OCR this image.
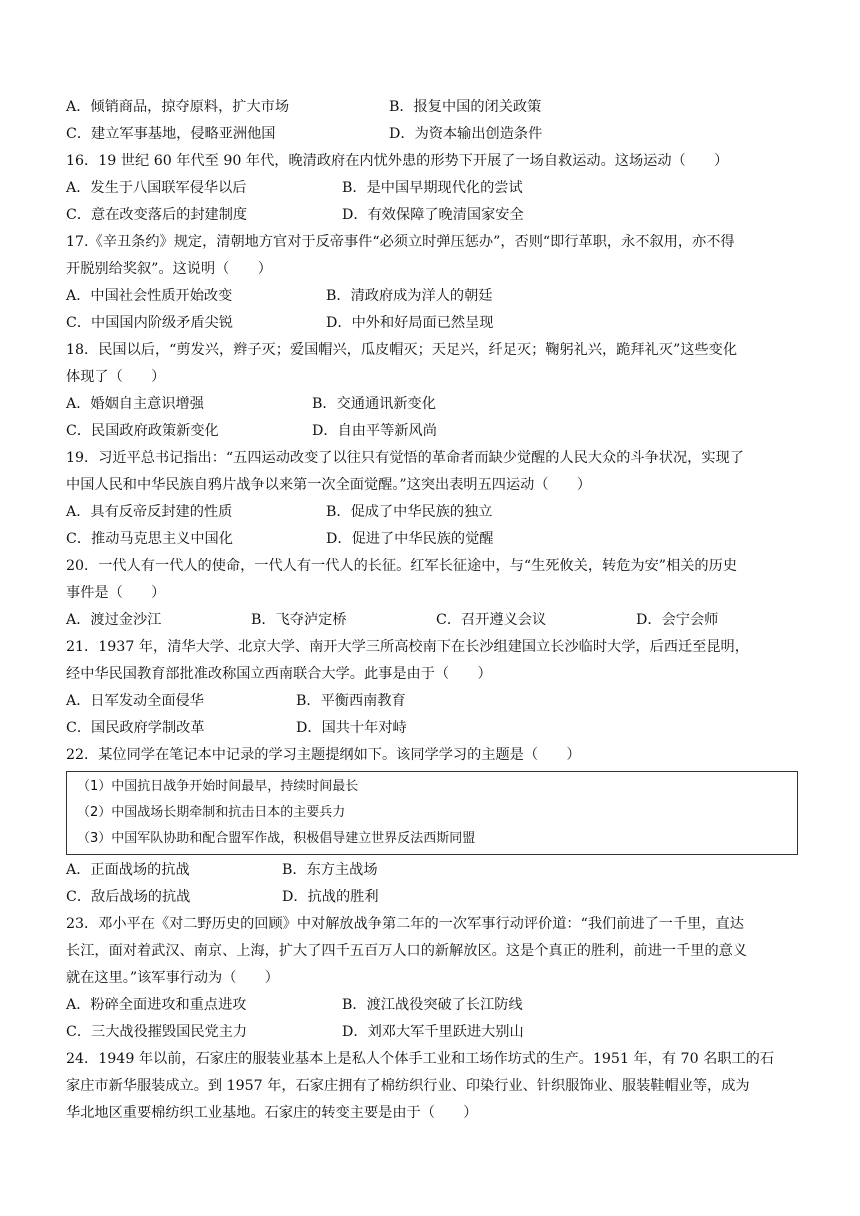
A．倾销商品，掠夺原料，扩大市场	B．报复中国的闭关政策
C．建立军事基地，侵略亚洲他国	D．为资本输出创造条件
16．19 世纪 60 年代至 90 年代，晚清政府在内忧外患的形势下开展了一场自救运动。这场运动（　　）
A．发生于八国联军侵华以后	B．是中国早期现代化的尝试
C．意在改变落后的封建制度	D．有效保障了晚清国家安全
17.《辛丑条约》规定，清朝地方官对于反帝事件“必须立时弹压惩办”，否则“即行革职，永不叙用，亦不得
开脱别给奖叙”。这说明（　　）
A．中国社会性质开始改变	B．清政府成为洋人的朝廷
C．中国国内阶级矛盾尖锐	D．中外和好局面已然呈现
18．民国以后，“剪发兴，辫子灭；爱国帽兴，瓜皮帽灭；天足兴，纤足灭；鞠躬礼兴，跪拜礼灭”这些变化
体现了（　　）
A．婚姻自主意识增强	B．交通通讯新变化
C．民国政府政策新变化	D．自由平等新风尚
19．习近平总书记指出：“五四运动改变了以往只有觉悟的革命者而缺少觉醒的人民大众的斗争状况，实现了
中国人民和中华民族自鸦片战争以来第一次全面觉醒。”这突出表明五四运动（　　）
A．具有反帝反封建的性质	B．促成了中华民族的独立
C．推动马克思主义中国化	D．促进了中华民族的觉醒
20．一代人有一代人的使命，一代人有一代人的长征。红军长征途中，与“生死攸关，转危为安”相关的历史
事件是（　　）
A．渡过金沙江	B．飞夺泸定桥	C．召开遵义会议	D．会宁会师
21．1937 年，清华大学、北京大学、南开大学三所高校南下在长沙组建国立长沙临时大学，后西迁至昆明，
经中华民国教育部批准改称国立西南联合大学。此事是由于（　　）
A．日军发动全面侵华	B．平衡西南教育
C．国民政府学制改革	D．国共十年对峙
22．某位同学在笔记本中记录的学习主题提纲如下。该同学学习的主题是（　　）
（1）中国抗日战争开始时间最早，持续时间最长
（2）中国战场长期牵制和抗击日本的主要兵力
（3）中国军队协助和配合盟军作战，积极倡导建立世界反法西斯同盟
A．正面战场的抗战	B．东方主战场
C．敌后战场的抗战	D．抗战的胜利
23．邓小平在《对二野历史的回顾》中对解放战争第二年的一次军事行动评价道：“我们前进了一千里，直达
长江，面对着武汉、南京、上海，扩大了四千五百万人口的新解放区。这是个真正的胜利，前进一千里的意义
就在这里。”该军事行动为（　　）
A．粉碎全面进攻和重点进攻	B．渡江战役突破了长江防线
C．三大战役摧毁国民党主力	D．刘邓大军千里跃进大别山
24．1949 年以前，石家庄的服装业基本上是私人个体手工业和工场作坊式的生产。1951 年，有 70 名职工的石
家庄市新华服装成立。到 1957 年，石家庄拥有了棉纺织行业、印染行业、针织服饰业、服装鞋帽业等，成为
华北地区重要棉纺织工业基地。石家庄的转变主要是由于（　　）
